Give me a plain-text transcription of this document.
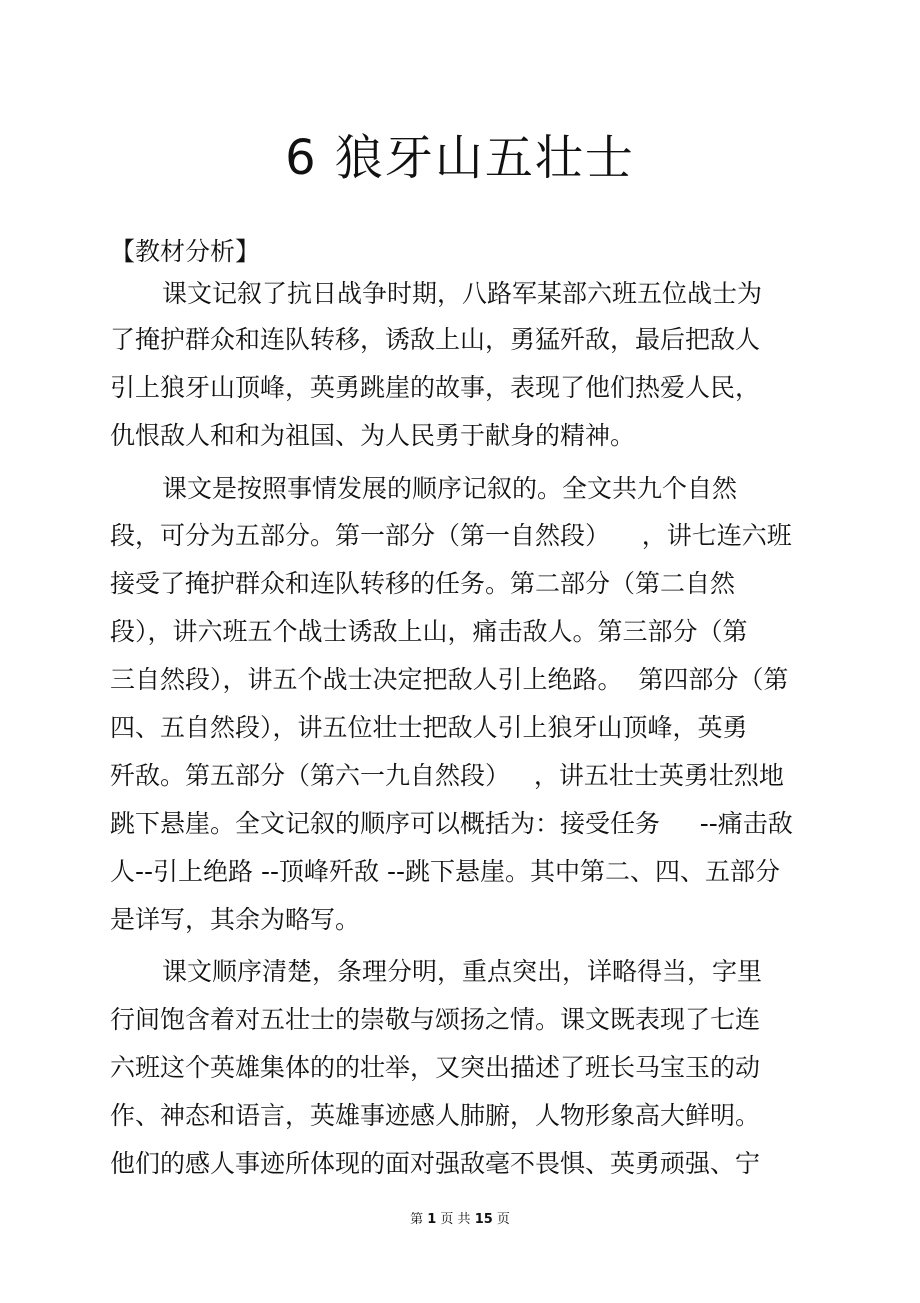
6 狼牙山五壮士
【教材分析】
课文记叙了抗日战争时期，八路军某部六班五位战士为
了掩护群众和连队转移，诱敌上山，勇猛歼敌，最后把敌人
引上狼牙山顶峰，英勇跳崖的故事，表现了他们热爱人民，
仇恨敌人和和为祖国、为人民勇于献身的精神。
课文是按照事情发展的顺序记叙的。全文共九个自然
段，可分为五部分。第一部分（第一自然段）    ，讲七连六班
接受了掩护群众和连队转移的任务。第二部分（第二自然
段），讲六班五个战士诱敌上山，痛击敌人。第三部分（第
三自然段），讲五个战士决定把敌人引上绝路。  第四部分（第
四、五自然段），讲五位壮士把敌人引上狼牙山顶峰，英勇
歼敌。第五部分（第六一九自然段）   ，讲五壮士英勇壮烈地
跳下悬崖。全文记叙的顺序可以概括为：接受任务     --痛击敌
人--引上绝路 --顶峰歼敌 --跳下悬崖。其中第二、四、五部分
是详写，其余为略写。
课文顺序清楚，条理分明，重点突出，详略得当，字里
行间饱含着对五壮士的崇敬与颂扬之情。课文既表现了七连
六班这个英雄集体的的壮举，又突出描述了班长马宝玉的动
作、神态和语言，英雄事迹感人肺腑，人物形象高大鲜明。
他们的感人事迹所体现的面对强敌毫不畏惧、英勇顽强、宁
第 1 页 共 15 页
